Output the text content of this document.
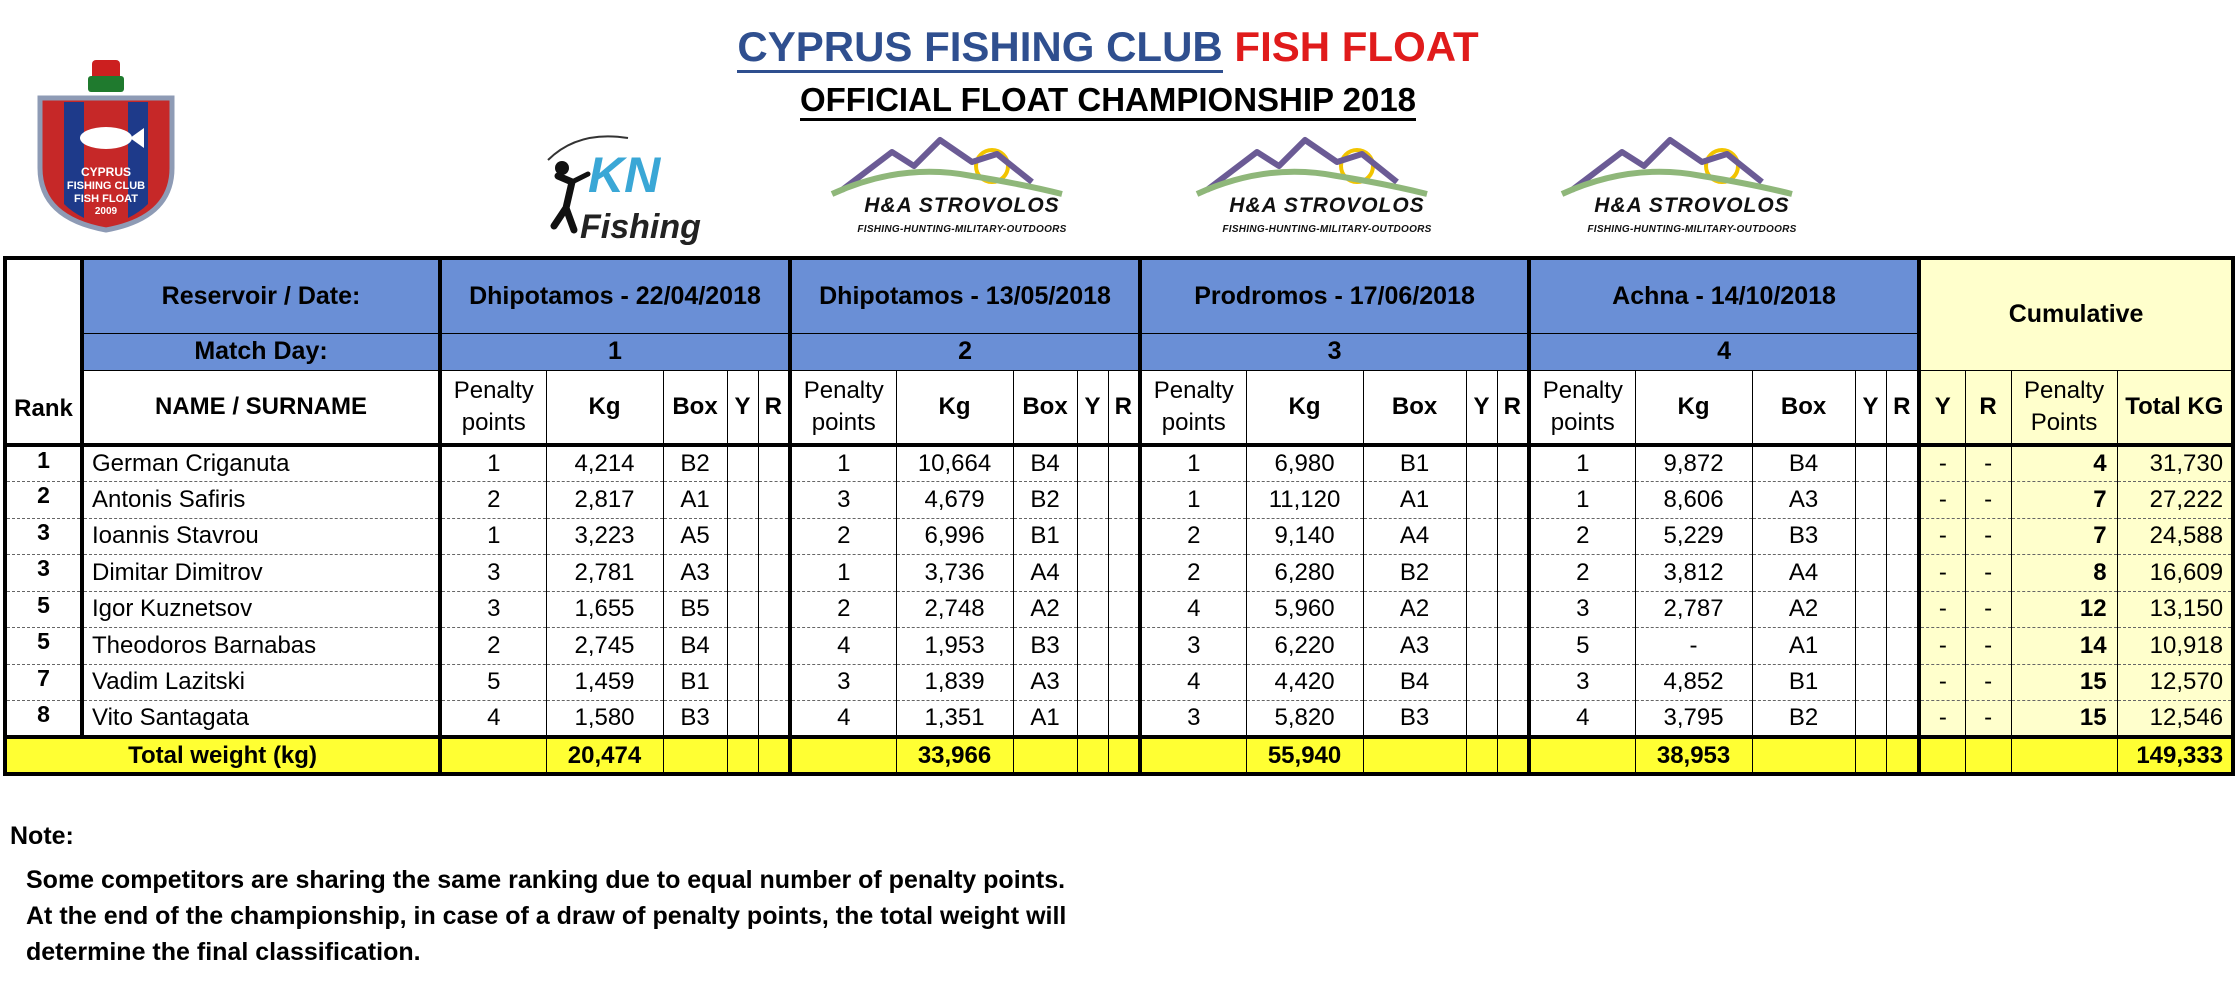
CYPRUS FISHING CLUB FISH FLOAT
OFFICIAL FLOAT CHAMPIONSHIP 2018
CYPRUS
FISHING CLUB
FISH FLOAT
2009
KN
Fishing
H&A STROVOLOS
FISHING-HUNTING-MILITARY-OUTDOORS
H&A STROVOLOS
FISHING-HUNTING-MILITARY-OUTDOORS
H&A STROVOLOS
FISHING-HUNTING-MILITARY-OUTDOORS
Rank	Reservoir / Date:	Dhipotamos - 22/04/2018					Dhipotamos - 13/05/2018					Prodromos - 17/06/2018					Achna - 14/10/2018					Cumulative			
	Match Day:	1					2					3					4								
	NAME / SURNAME	Penalty points	Kg	Box	Y	R	Penalty points	Kg	Box	Y	R	Penalty points	Kg	Box	Y	R	Penalty points	Kg	Box	Y	R	Y	R	Penalty Points	Total KG
1	German Criganuta	1	4,214	B2			1	10,664	B4			1	6,980	B1			1	9,872	B4			-	-	4	31,730
2	Antonis Safiris	2	2,817	A1			3	4,679	B2			1	11,120	A1			1	8,606	A3			-	-	7	27,222
3	Ioannis Stavrou	1	3,223	A5			2	6,996	B1			2	9,140	A4			2	5,229	B3			-	-	7	24,588
3	Dimitar Dimitrov	3	2,781	A3			1	3,736	A4			2	6,280	B2			2	3,812	A4			-	-	8	16,609
5	Igor Kuznetsov	3	1,655	B5			2	2,748	A2			4	5,960	A2			3	2,787	A2			-	-	12	13,150
5	Theodoros Barnabas	2	2,745	B4			4	1,953	B3			3	6,220	A3			5	-	A1			-	-	14	10,918
7	Vadim Lazitski	5	1,459	B1			3	1,839	A3			4	4,420	B4			3	4,852	B1			-	-	15	12,570
8	Vito Santagata	4	1,580	B3			4	1,351	A1			3	5,820	B3			4	3,795	B2			-	-	15	12,546
Total weight (kg)			20,474					33,966					55,940					38,953							149,333
Note:
Some competitors are sharing the same ranking due to equal number of penalty points.
At the end of the championship, in case of a draw of penalty points, the total weight will
determine the final classification.
